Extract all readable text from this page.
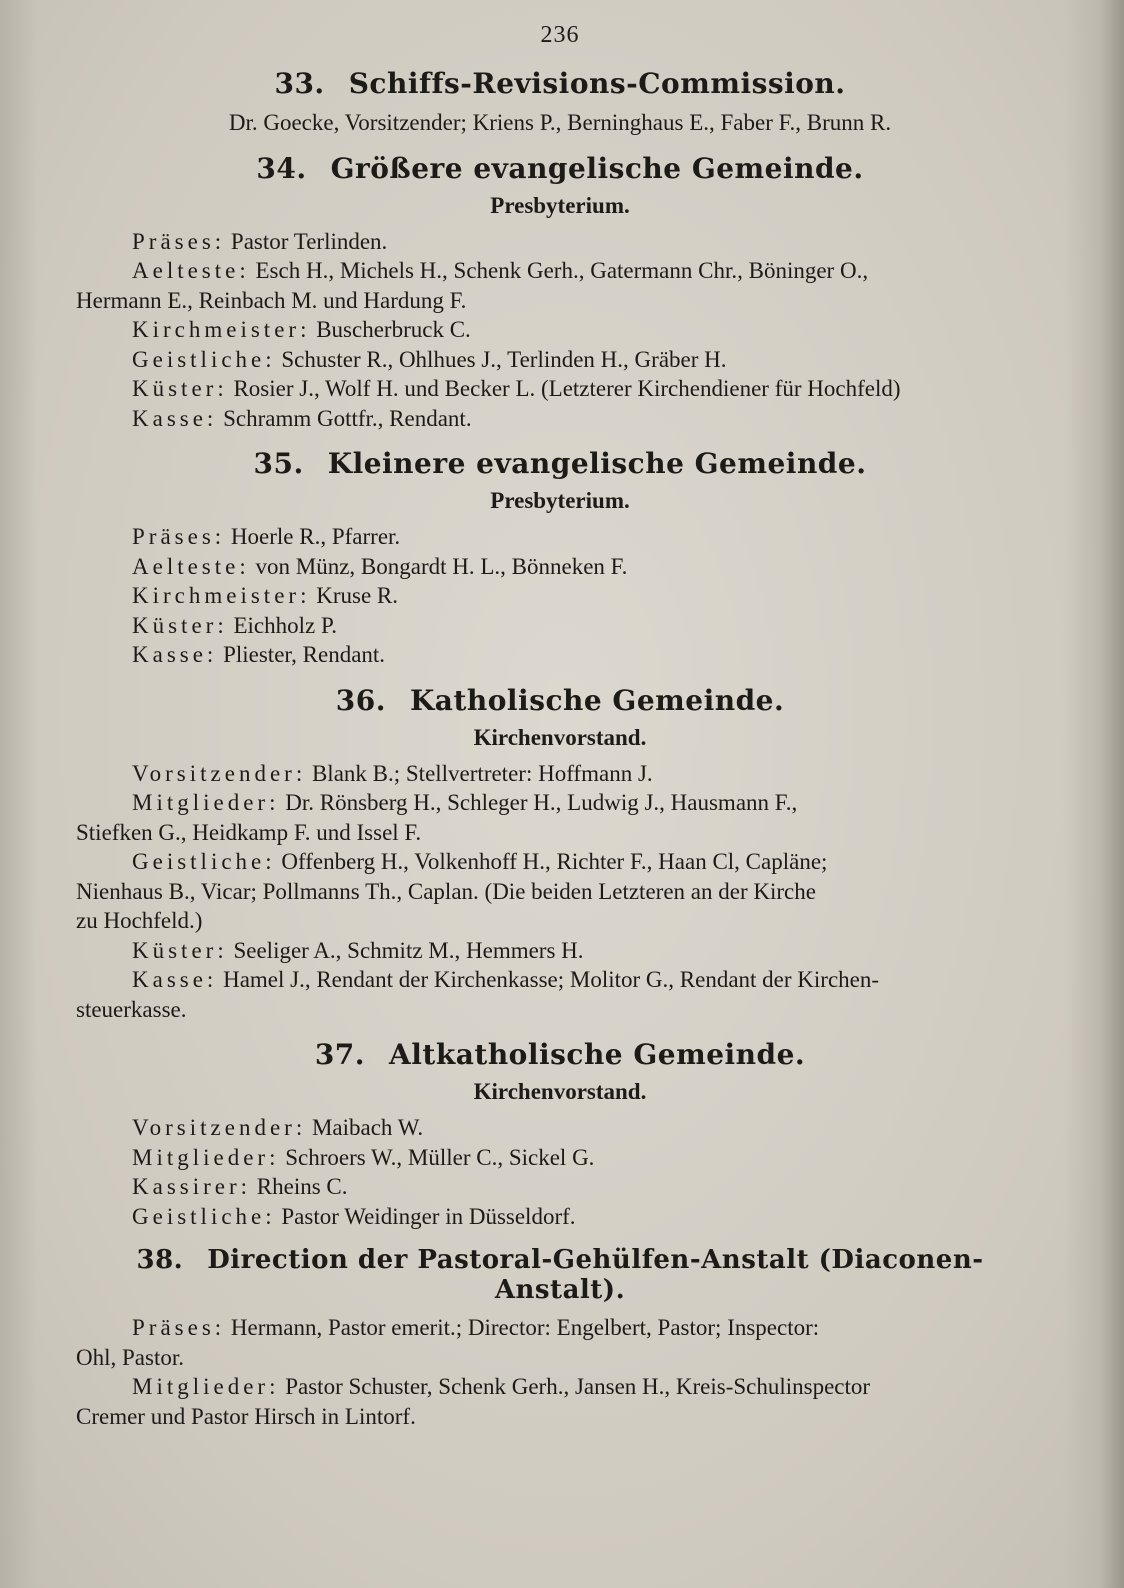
236
33. Schiffs-Revisions-Commission.

Dr. Goecke, Vorsitzender; Kriens P., Berninghaus E., Faber F., Brunn R.

34. Größere evangelische Gemeinde.
Presbyterium.

Präses: Pastor Terlinden.

Aelteste: Esch H., Michels H., Schenk Gerh., Gatermann Chr., Böninger O.,

Hermann E., Reinbach M. und Hardung F.

Kirchmeister: Buscherbruck C.

Geistliche: Schuster R., Ohlhues J., Terlinden H., Gräber H.

Küster: Rosier J., Wolf H. und Becker L. (Letzterer Kirchendiener für Hochfeld)

Kasse: Schramm Gottfr., Rendant.

35. Kleinere evangelische Gemeinde.
Presbyterium.

Präses: Hoerle R., Pfarrer.

Aelteste: von Münz, Bongardt H. L., Bönneken F.

Kirchmeister: Kruse R.

Küster: Eichholz P.

Kasse: Pliester, Rendant.

36. Katholische Gemeinde.
Kirchenvorstand.

Vorsitzender: Blank B.; Stellvertreter: Hoffmann J.

Mitglieder: Dr. Rönsberg H., Schleger H., Ludwig J., Hausmann F.,

Stiefken G., Heidkamp F. und Issel F.

Geistliche: Offenberg H., Volkenhoff H., Richter F., Haan Cl, Capläne;

Nienhaus B., Vicar; Pollmanns Th., Caplan. (Die beiden Letzteren an der Kirche

zu Hochfeld.)

Küster: Seeliger A., Schmitz M., Hemmers H.

Kasse: Hamel J., Rendant der Kirchenkasse; Molitor G., Rendant der Kirchen-

steuerkasse.

37. Altkatholische Gemeinde.
Kirchenvorstand.

Vorsitzender: Maibach W.

Mitglieder: Schroers W., Müller C., Sickel G.

Kassirer: Rheins C.

Geistliche: Pastor Weidinger in Düsseldorf.

38. Direction der Pastoral-Gehülfen-Anstalt (Diaconen-Anstalt).

Präses: Hermann, Pastor emerit.; Director: Engelbert, Pastor; Inspector:

Ohl, Pastor.

Mitglieder: Pastor Schuster, Schenk Gerh., Jansen H., Kreis-Schulinspector

Cremer und Pastor Hirsch in Lintorf.
